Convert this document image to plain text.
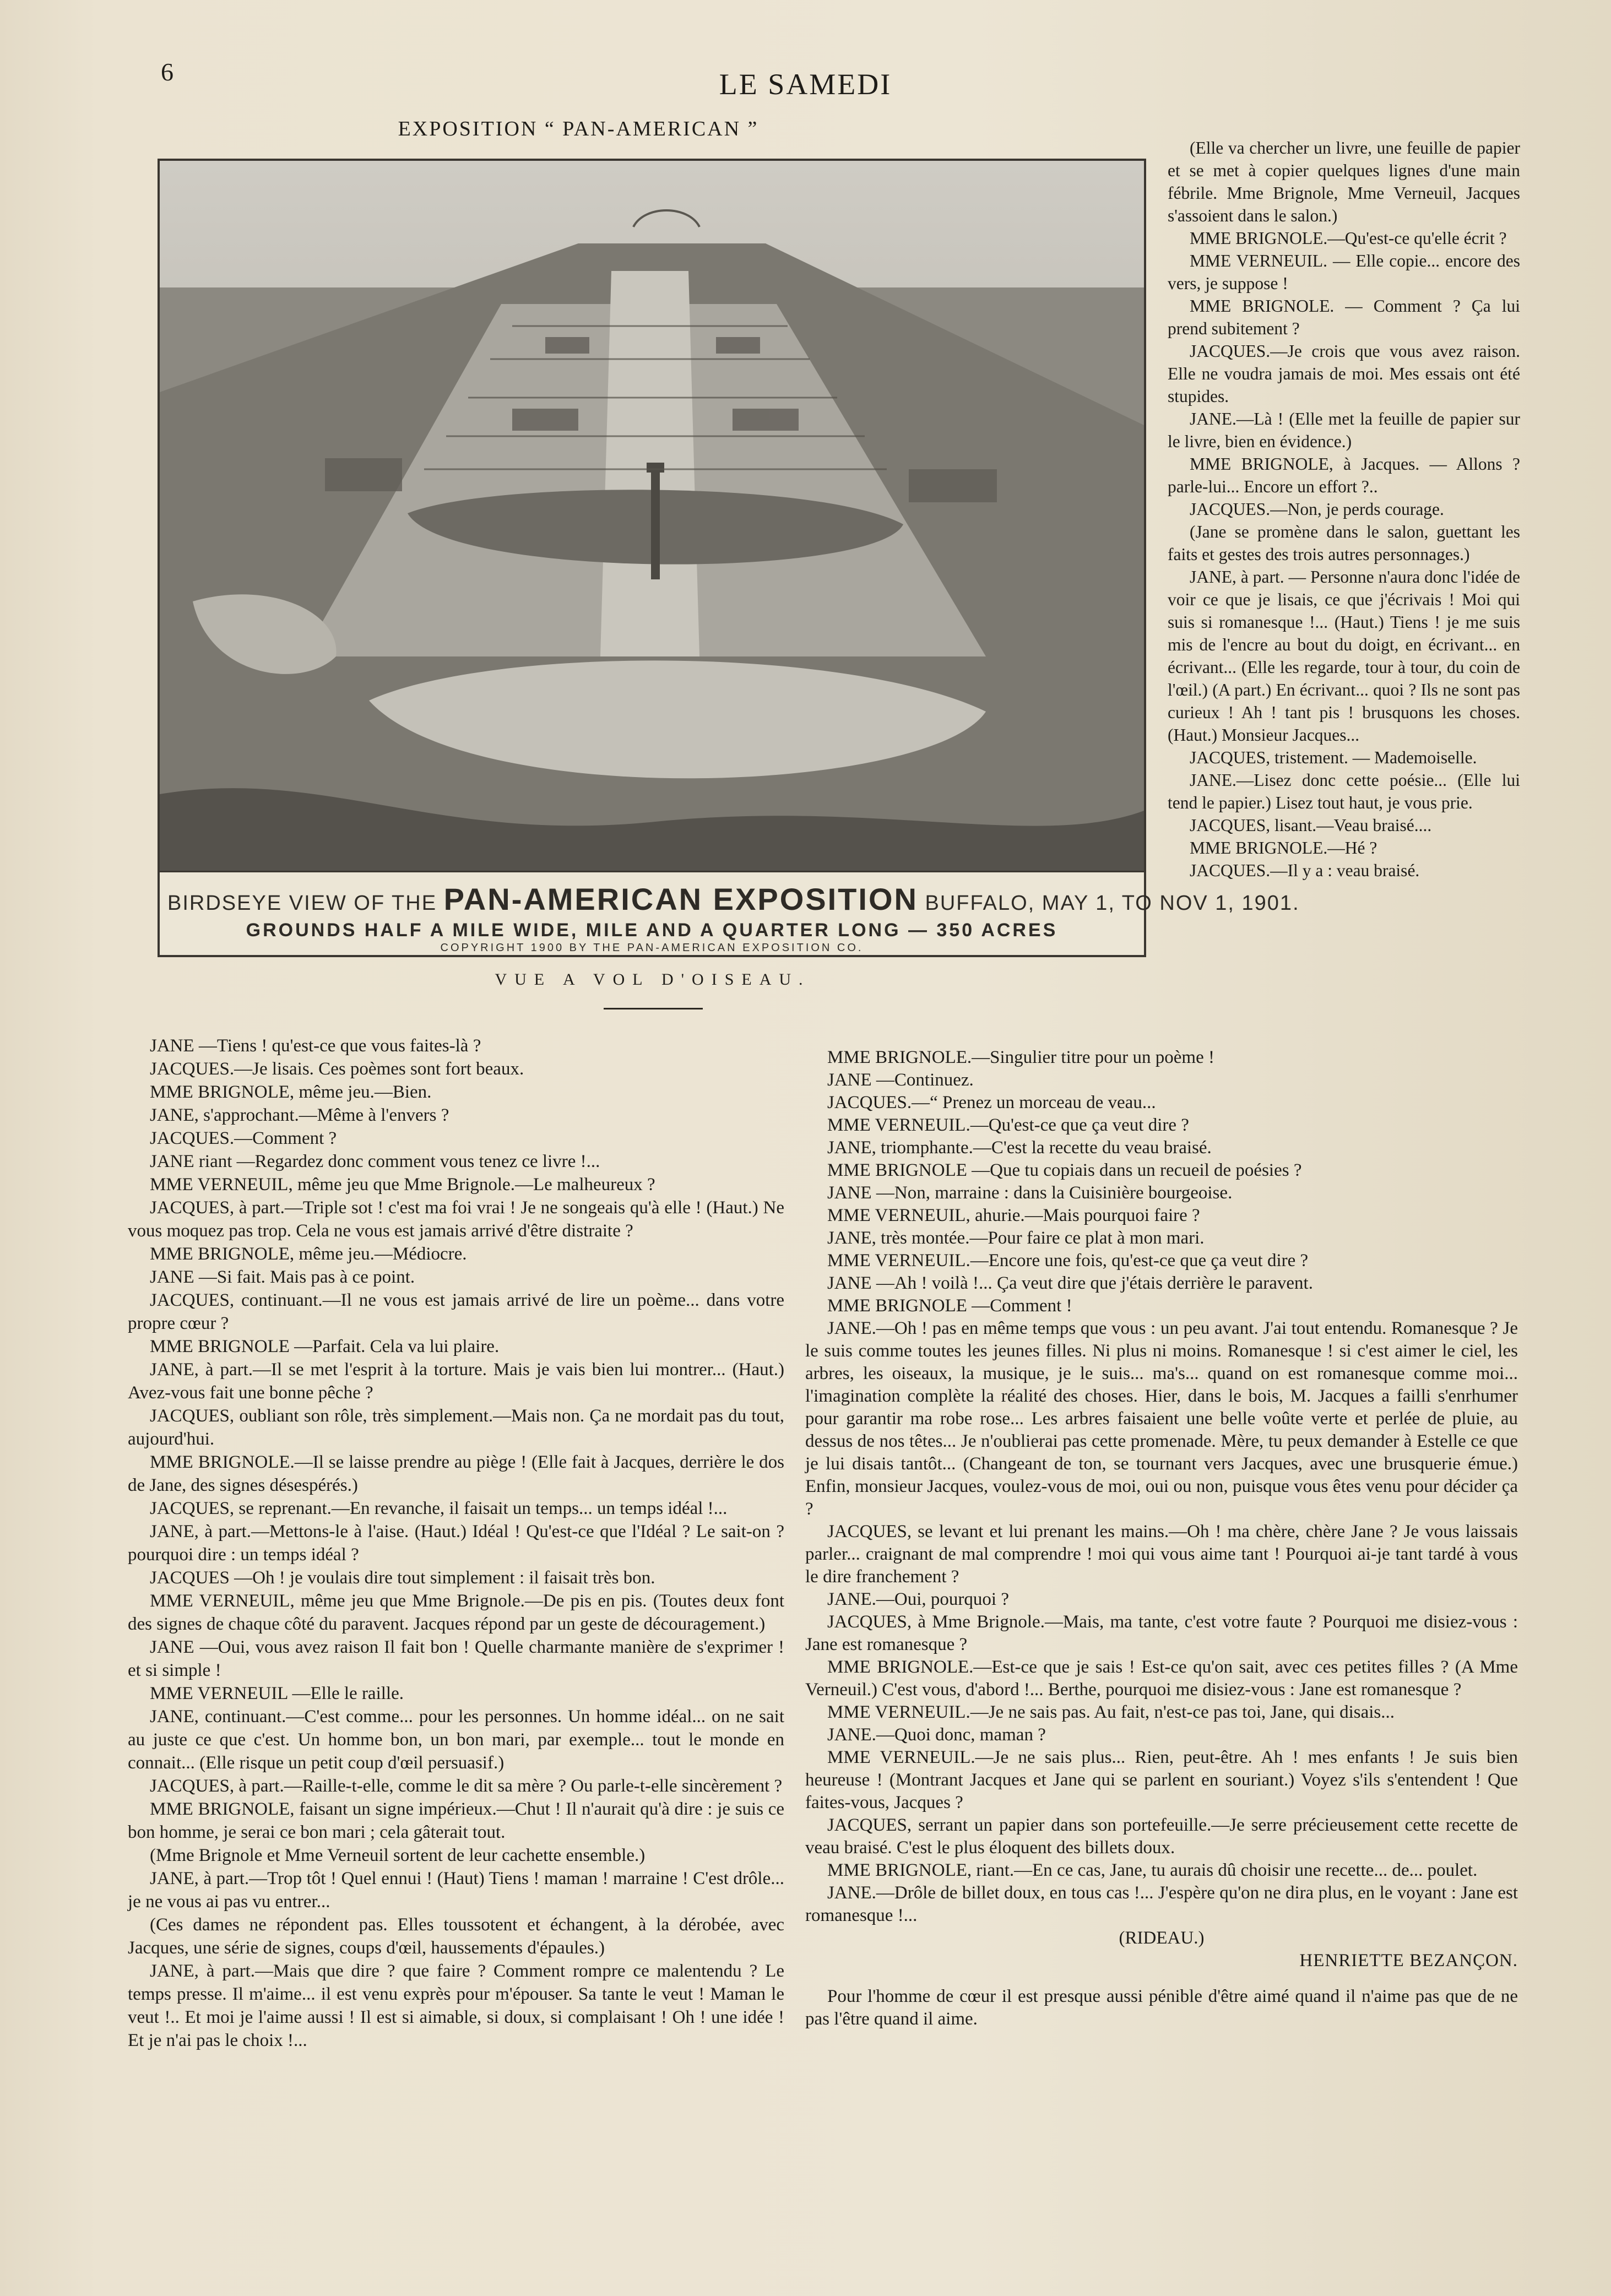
6	LE SAMEDI
EXPOSITION “ PAN-AMERICAN ”
BIRDSEYE VIEW OF THE PAN-AMERICAN EXPOSITION BUFFALO, MAY 1, TO NOV 1, 1901.
GROUNDS HALF A MILE WIDE, MILE AND A QUARTER LONG — 350 ACRES
COPYRIGHT 1900 BY THE PAN-AMERICAN EXPOSITION CO.
VUE A VOL D'OISEAU.

(Elle va chercher un livre, une feuille de papier et se met à copier quelques lignes d'une main fébrile. Mme Brignole, Mme Verneuil, Jacques s'assoient dans le salon.)

MME BRIGNOLE.—Qu'est-ce qu'elle écrit ?

MME VERNEUIL. — Elle copie... encore des vers, je suppose !

MME BRIGNOLE. — Comment ? Ça lui prend subitement ?

JACQUES.—Je crois que vous avez raison. Elle ne voudra jamais de moi. Mes essais ont été stupides.

JANE.—Là ! (Elle met la feuille de papier sur le livre, bien en évidence.)

MME BRIGNOLE, à Jacques. — Allons ? parle-lui... Encore un effort ?..

JACQUES.—Non, je perds courage.

(Jane se promène dans le salon, guettant les faits et gestes des trois autres personnages.)

JANE, à part. — Personne n'aura donc l'idée de voir ce que je lisais, ce que j'écrivais ! Moi qui suis si romanesque !... (Haut.) Tiens ! je me suis mis de l'encre au bout du doigt, en écrivant... en écrivant... (Elle les regarde, tour à tour, du coin de l'œil.) (A part.) En écrivant... quoi ? Ils ne sont pas curieux ! Ah ! tant pis ! brusquons les choses. (Haut.) Monsieur Jacques...

JACQUES, tristement. — Mademoiselle.

JANE.—Lisez donc cette poésie... (Elle lui tend le papier.) Lisez tout haut, je vous prie.

JACQUES, lisant.—Veau braisé....

MME BRIGNOLE.—Hé ?

JACQUES.—Il y a : veau braisé.

JANE —Tiens ! qu'est-ce que vous faites-là ?

JACQUES.—Je lisais. Ces poèmes sont fort beaux.

MME BRIGNOLE, même jeu.—Bien.

JANE, s'approchant.—Même à l'envers ?

JACQUES.—Comment ?

JANE riant —Regardez donc comment vous tenez ce livre !...

MME VERNEUIL, même jeu que Mme Brignole.—Le malheureux ?

JACQUES, à part.—Triple sot ! c'est ma foi vrai ! Je ne songeais qu'à elle ! (Haut.) Ne vous moquez pas trop. Cela ne vous est jamais arrivé d'être distraite ?

MME BRIGNOLE, même jeu.—Médiocre.

JANE —Si fait. Mais pas à ce point.

JACQUES, continuant.—Il ne vous est jamais arrivé de lire un poème... dans votre propre cœur ?

MME BRIGNOLE —Parfait. Cela va lui plaire.

JANE, à part.—Il se met l'esprit à la torture. Mais je vais bien lui montrer... (Haut.) Avez-vous fait une bonne pêche ?

JACQUES, oubliant son rôle, très simplement.—Mais non. Ça ne mordait pas du tout, aujourd'hui.

MME BRIGNOLE.—Il se laisse prendre au piège ! (Elle fait à Jacques, derrière le dos de Jane, des signes désespérés.)

JACQUES, se reprenant.—En revanche, il faisait un temps... un temps idéal !...

JANE, à part.—Mettons-le à l'aise. (Haut.) Idéal ! Qu'est-ce que l'Idéal ? Le sait-on ? pourquoi dire : un temps idéal ?

JACQUES —Oh ! je voulais dire tout simplement : il faisait très bon.

MME VERNEUIL, même jeu que Mme Brignole.—De pis en pis. (Toutes deux font des signes de chaque côté du paravent. Jacques répond par un geste de découragement.)

JANE —Oui, vous avez raison Il fait bon ! Quelle charmante manière de s'exprimer ! et si simple !

MME VERNEUIL —Elle le raille.

JANE, continuant.—C'est comme... pour les personnes. Un homme idéal... on ne sait au juste ce que c'est. Un homme bon, un bon mari, par exemple... tout le monde en connait... (Elle risque un petit coup d'œil persuasif.)

JACQUES, à part.—Raille-t-elle, comme le dit sa mère ? Ou parle-t-elle sincèrement ?

MME BRIGNOLE, faisant un signe impérieux.—Chut ! Il n'aurait qu'à dire : je suis ce bon homme, je serai ce bon mari ; cela gâterait tout.

(Mme Brignole et Mme Verneuil sortent de leur cachette ensemble.)

JANE, à part.—Trop tôt ! Quel ennui ! (Haut) Tiens ! maman ! marraine ! C'est drôle... je ne vous ai pas vu entrer...

(Ces dames ne répondent pas. Elles toussotent et échangent, à la dérobée, avec Jacques, une série de signes, coups d'œil, haussements d'épaules.)

JANE, à part.—Mais que dire ? que faire ? Comment rompre ce malentendu ? Le temps presse. Il m'aime... il est venu exprès pour m'épouser. Sa tante le veut ! Maman le veut !.. Et moi je l'aime aussi ! Il est si aimable, si doux, si complaisant ! Oh ! une idée ! Et je n'ai pas le choix !...

MME BRIGNOLE.—Singulier titre pour un poème !

JANE —Continuez.

JACQUES.—“ Prenez un morceau de veau...

MME VERNEUIL.—Qu'est-ce que ça veut dire ?

JANE, triomphante.—C'est la recette du veau braisé.

MME BRIGNOLE —Que tu copiais dans un recueil de poésies ?

JANE —Non, marraine : dans la Cuisinière bourgeoise.

MME VERNEUIL, ahurie.—Mais pourquoi faire ?

JANE, très montée.—Pour faire ce plat à mon mari.

MME VERNEUIL.—Encore une fois, qu'est-ce que ça veut dire ?

JANE —Ah ! voilà !... Ça veut dire que j'étais derrière le paravent.

MME BRIGNOLE —Comment !

JANE.—Oh ! pas en même temps que vous : un peu avant. J'ai tout entendu. Romanesque ? Je le suis comme toutes les jeunes filles. Ni plus ni moins. Romanesque ! si c'est aimer le ciel, les arbres, les oiseaux, la musique, je le suis... ma's... quand on est romanesque comme moi... l'imagination complète la réalité des choses. Hier, dans le bois, M. Jacques a failli s'enrhumer pour garantir ma robe rose... Les arbres faisaient une belle voûte verte et perlée de pluie, au dessus de nos têtes... Je n'oublierai pas cette promenade. Mère, tu peux demander à Estelle ce que je lui disais tantôt... (Changeant de ton, se tournant vers Jacques, avec une brusquerie émue.) Enfin, monsieur Jacques, voulez-vous de moi, oui ou non, puisque vous êtes venu pour décider ça ?

JACQUES, se levant et lui prenant les mains.—Oh ! ma chère, chère Jane ? Je vous laissais parler... craignant de mal comprendre ! moi qui vous aime tant ! Pourquoi ai-je tant tardé à vous le dire franchement ?

JANE.—Oui, pourquoi ?

JACQUES, à Mme Brignole.—Mais, ma tante, c'est votre faute ? Pourquoi me disiez-vous : Jane est romanesque ?

MME BRIGNOLE.—Est-ce que je sais ! Est-ce qu'on sait, avec ces petites filles ? (A Mme Verneuil.) C'est vous, d'abord !... Berthe, pourquoi me disiez-vous : Jane est romanesque ?

MME VERNEUIL.—Je ne sais pas. Au fait, n'est-ce pas toi, Jane, qui disais...

JANE.—Quoi donc, maman ?

MME VERNEUIL.—Je ne sais plus... Rien, peut-être. Ah ! mes enfants ! Je suis bien heureuse ! (Montrant Jacques et Jane qui se parlent en souriant.) Voyez s'ils s'entendent ! Que faites-vous, Jacques ?

JACQUES, serrant un papier dans son portefeuille.—Je serre précieusement cette recette de veau braisé. C'est le plus éloquent des billets doux.

MME BRIGNOLE, riant.—En ce cas, Jane, tu aurais dû choisir une recette... de... poulet.

JANE.—Drôle de billet doux, en tous cas !... J'espère qu'on ne dira plus, en le voyant : Jane est romanesque !...

(RIDEAU.)

HENRIETTE BEZANÇON.

Pour l'homme de cœur il est presque aussi pénible d'être aimé quand il n'aime pas que de ne pas l'être quand il aime.
